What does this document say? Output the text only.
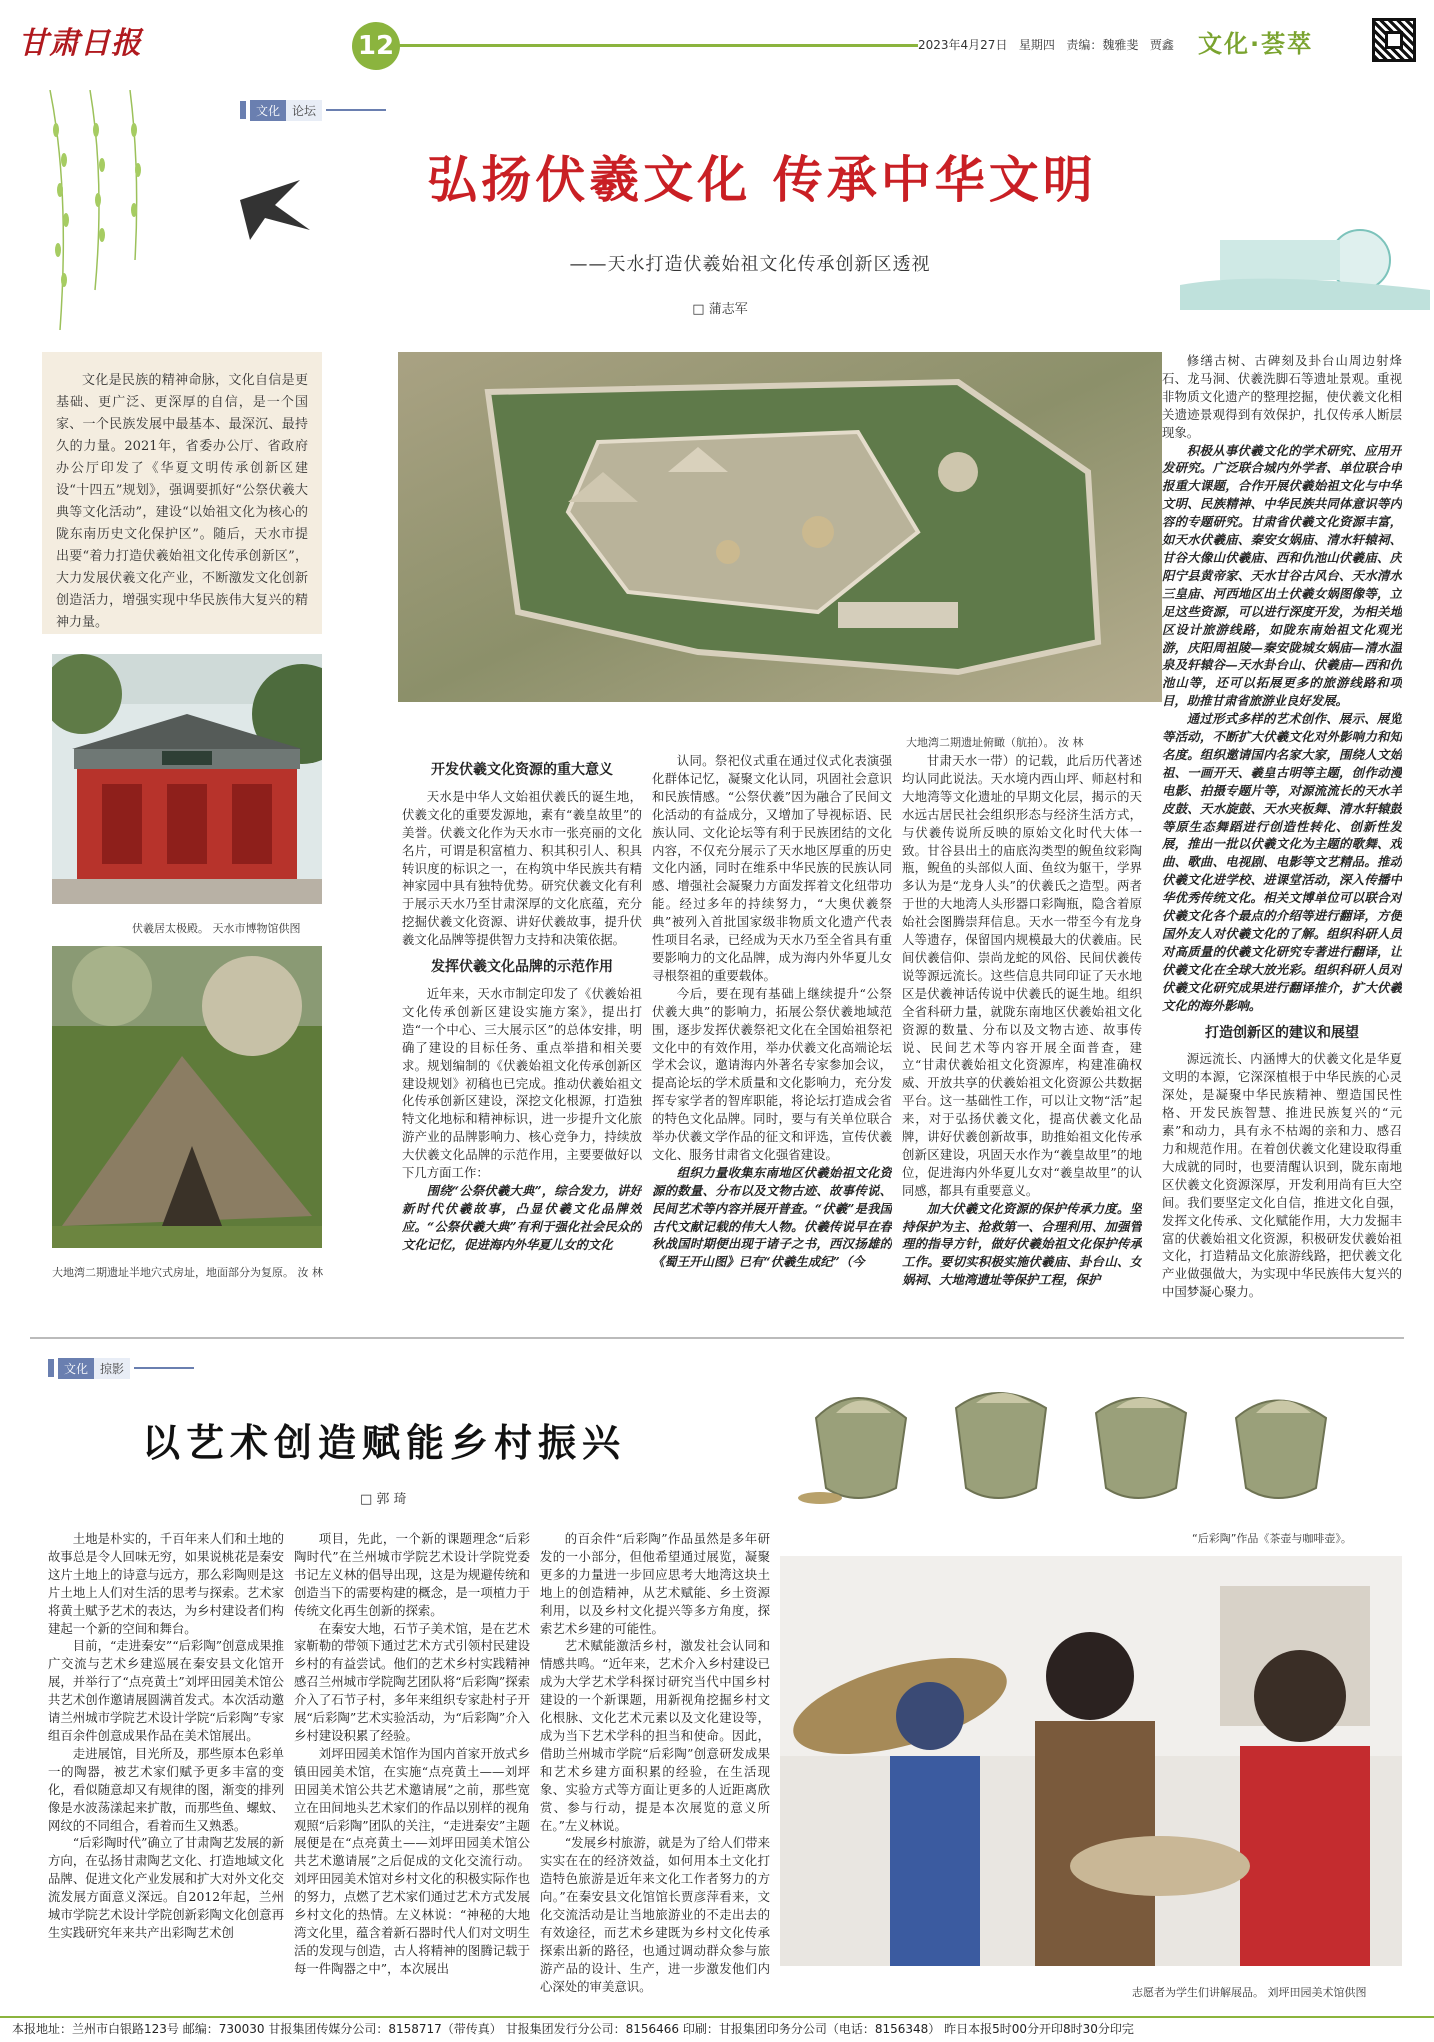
甘肃日报	12	2023年4月27日 星期四 责编：魏雅斐 贾鑫 文化·荟萃
文化	论坛
弘扬伏羲文化 传承中华文明
——天水打造伏羲始祖文化传承创新区透视
□ 蒲志军
文化是民族的精神命脉，文化自信是更基础、更广泛、更深厚的自信，是一个国家、一个民族发展中最基本、最深沉、最持久的力量。2021年，省委办公厅、省政府办公厅印发了《华夏文明传承创新区建设“十四五”规划》，强调要抓好“公祭伏羲大典等文化活动”，建设“以始祖文化为核心的陇东南历史文化保护区”。随后，天水市提出要“着力打造伏羲始祖文化传承创新区”，大力发展伏羲文化产业，不断激发文化创新创造活力，增强实现中华民族伟大复兴的精神力量。
大地湾二期遗址俯瞰（航拍）。 汝 林
伏羲居太极殿。 天水市博物馆供图
大地湾二期遗址半地穴式房址，地面部分为复原。 汝 林
开发伏羲文化资源的重大意义

天水是中华人文始祖伏羲氏的诞生地，伏羲文化的重要发源地，素有“羲皇故里”的美誉。伏羲文化作为天水市一张亮丽的文化名片，可谓是积富植力、积其积引人、积具转识度的标识之一，在构筑中华民族共有精神家园中具有独特优势。研究伏羲文化有利于展示天水乃至甘肃深厚的文化底蕴，充分挖掘伏羲文化资源、讲好伏羲故事，提升伏羲文化品牌等提供智力支持和决策依据。

发挥伏羲文化品牌的示范作用

近年来，天水市制定印发了《伏羲始祖文化传承创新区建设实施方案》，提出打造“一个中心、三大展示区”的总体安排，明确了建设的目标任务、重点举措和相关要求。规划编制的《伏羲始祖文化传承创新区建设规划》初稿也已完成。推动伏羲始祖文化传承创新区建设，深挖文化根源，打造独特文化地标和精神标识，进一步提升文化旅游产业的品牌影响力、核心竞争力，持续放大伏羲文化品牌的示范作用，主要要做好以下几方面工作：

围绕“公祭伏羲大典”，综合发力，讲好新时代伏羲故事，凸显伏羲文化品牌效应。“公祭伏羲大典”有利于强化社会民众的文化记忆，促进海内外华夏儿女的文化

认同。祭祀仪式重在通过仪式化表演强化群体记忆，凝聚文化认同，巩固社会意识和民族情感。“公祭伏羲”因为融合了民间文化活动的有益成分，又增加了导视标语、民族认同、文化论坛等有利于民族团结的文化内容，不仅充分展示了天水地区厚重的历史文化内涵，同时在维系中华民族的民族认同感、增强社会凝聚力方面发挥着文化纽带功能。经过多年的持续努力，“大奥伏羲祭典”被列入首批国家级非物质文化遗产代表性项目名录，已经成为天水乃至全省具有重要影响力的文化品牌，成为海内外华夏儿女寻根祭祖的重要载体。

今后，要在现有基础上继续提升“公祭伏羲大典”的影响力，拓展公祭伏羲地域范围，逐步发挥伏羲祭祀文化在全国始祖祭祀文化中的有效作用，举办伏羲文化高端论坛学术会议，邀请海内外著名专家参加会议，提高论坛的学术质量和文化影响力，充分发挥专家学者的智库职能，将论坛打造成会省的特色文化品牌。同时，要与有关单位联合举办伏羲文学作品的征文和评选，宣传伏羲文化、服务甘肃省文化强省建设。

组织力量收集东南地区伏羲始祖文化资源的数量、分布以及文物古迹、故事传说、民间艺术等内容并展开普查。“伏羲”是我国古代文献记载的伟大人物。伏羲传说早在春秋战国时期便出现于诸子之书，西汉扬雄的《蜀王开山图》已有“伏羲生成纪”（今

甘肃天水一带）的记载，此后历代著述均认同此说法。天水境内西山坪、师赵村和大地湾等文化遗址的早期文化层，揭示的天水远古居民社会组织形态与经济生活方式，与伏羲传说所反映的原始文化时代大体一致。甘谷县出土的庙底沟类型的鲵鱼纹彩陶瓶，鲵鱼的头部似人面、鱼纹为躯干，学界多认为是“龙身人头”的伏羲氏之造型。两者于世的大地湾人头形器口彩陶瓶，隐含着原始社会图腾崇拜信息。天水一带至今有龙身人等遗存，保留国内规模最大的伏羲庙。民间伏羲信仰、崇尚龙蛇的风俗、民间伏羲传说等源远流长。这些信息共同印证了天水地区是伏羲神话传说中伏羲氏的诞生地。组织全省科研力量，就陇东南地区伏羲始祖文化资源的数量、分布以及文物古迹、故事传说、民间艺术等内容开展全面普查，建立“甘肃伏羲始祖文化资源库，构建准确权威、开放共享的伏羲始祖文化资源公共数据平台。这一基础性工作，可以让文物“活”起来，对于弘扬伏羲文化，提高伏羲文化品牌，讲好伏羲创新故事，助推始祖文化传承创新区建设，巩固天水作为“羲皇故里”的地位，促进海内外华夏儿女对“羲皇故里”的认同感，都具有重要意义。

加大伏羲文化资源的保护传承力度。坚持保护为主、抢救第一、合理利用、加强管理的指导方针，做好伏羲始祖文化保护传承工作。要切实积极实施伏羲庙、卦台山、女娲祠、大地湾遗址等保护工程，保护

修缮古树、古碑刻及卦台山周边射烽石、龙马洞、伏羲洗脚石等遗址景观。重视非物质文化遗产的整理挖掘，使伏羲文化相关遗迹景观得到有效保护，扎仅传承人断层现象。

积极从事伏羲文化的学术研究、应用开发研究。广泛联合城内外学者、单位联合申报重大课题，合作开展伏羲始祖文化与中华文明、民族精神、中华民族共同体意识等内容的专题研究。甘肃省伏羲文化资源丰富，如天水伏羲庙、秦安女娲庙、清水轩辕祠、甘谷大像山伏羲庙、西和仇池山伏羲庙、庆阳宁县黄帝家、天水甘谷古风台、天水清水三皇庙、河西地区出土伏羲女娲图像等，立足这些资源，可以进行深度开发，为相关地区设计旅游线路，如陇东南始祖文化观光游，庆阳周祖陵—秦安陇城女娲庙—清水温泉及轩辕谷—天水卦台山、伏羲庙—西和仇池山等，还可以拓展更多的旅游线路和项目，助推甘肃省旅游业良好发展。

通过形式多样的艺术创作、展示、展览等活动，不断扩大伏羲文化对外影响力和知名度。组织邀请国内名家大家，围绕人文始祖、一画开天、羲皇古明等主题，创作动漫电影、拍摄专题片等，对源流流长的天水羊皮鼓、天水旋鼓、天水夹板舞、清水轩辕鼓等原生态舞蹈进行创造性转化、创新性发展，推出一批以伏羲文化为主题的歌舞、戏曲、歌曲、电视剧、电影等文艺精品。推动伏羲文化进学校、进课堂活动，深入传播中华优秀传统文化。相关文博单位可以联合对伏羲文化各个最点的介绍等进行翻译，方便国外友人对伏羲文化的了解。组织科研人员对高质量的伏羲文化研究专著进行翻译，让伏羲文化在全球大放光彩。组织科研人员对伏羲文化研究成果进行翻译推介，扩大伏羲文化的海外影响。

打造创新区的建议和展望

源远流长、内涵博大的伏羲文化是华夏文明的本源，它深深植根于中华民族的心灵深处，是凝聚中华民族精神、塑造国民性格、开发民族智慧、推进民族复兴的“元素”和动力，具有永不枯竭的亲和力、感召力和规范作用。在着创伏羲文化建设取得重大成就的同时，也要清醒认识到，陇东南地区伏羲文化资源深厚，开发利用尚有巨大空间。我们要坚定文化自信，推进文化自强，发挥文化传承、文化赋能作用，大力发掘丰富的伏羲始祖文化资源，积极研发伏羲始祖文化，打造精品文化旅游线路，把伏羲文化产业做强做大，为实现中华民族伟大复兴的中国梦凝心聚力。

文化	掠影
以艺术创造赋能乡村振兴
□ 郭 琦
“后彩陶”作品《茶壶与咖啡壶》。
志愿者为学生们讲解展品。 刘坪田园美术馆供图

土地是朴实的，千百年来人们和土地的故事总是令人回味无穷，如果说桃花是秦安这片土地上的诗意与远方，那么彩陶则是这片土地上人们对生活的思考与探索。艺术家将黄土赋予艺术的表达，为乡村建设者们构建起一个新的空间和舞台。

目前，“走进秦安”“后彩陶”创意成果推广交流与艺术乡建巡展在秦安县文化馆开展，并举行了“点亮黄土”刘坪田园美术馆公共艺术创作邀请展圆满首发式。本次活动邀请兰州城市学院艺术设计学院“后彩陶”专家组百余件创意成果作品在美术馆展出。

走进展馆，目光所及，那些原本色彩单一的陶器，被艺术家们赋予更多丰富的变化，看似随意却又有规律的图，渐变的排列像是水波荡漾起来扩散，而那些鱼、螺蚊、网纹的不同组合，看着而生又熟悉。

“后彩陶时代”确立了甘肃陶艺发展的新方向，在弘扬甘肃陶艺文化、打造地域文化品牌、促进文化产业发展和扩大对外文化交流发展方面意义深远。自2012年起，兰州城市学院艺术设计学院创新彩陶文化创意再生实践研究年来共产出彩陶艺术创

项目，先此，一个新的课题理念“后彩陶时代”在兰州城市学院艺术设计学院党委书记左义林的倡导出现，这是为规避传统和创造当下的需要构建的概念，是一项植力于传统文化再生创新的探索。

在秦安大地，石节子美术馆，是在艺术家靳勒的带领下通过艺术方式引领村民建设乡村的有益尝试。他们的艺术乡村实践精神感召兰州城市学院陶艺团队将“后彩陶”探索介入了石节子村，多年来组织专家赴村子开展“后彩陶”艺术实验活动，为“后彩陶”介入乡村建设积累了经验。

刘坪田园美术馆作为国内首家开放式乡镇田园美术馆，在实施“点亮黄土——刘坪田园美术馆公共艺术邀请展”之前，那些宽立在田间地头艺术家们的作品以别样的视角观照“后彩陶”团队的关注，“走进秦安”主题展便是在“点亮黄土——刘坪田园美术馆公共艺术邀请展”之后促成的文化交流行动。刘坪田园美术馆对乡村文化的积极实际作也的努力，点燃了艺术家们通过艺术方式发展乡村文化的热情。左义林说：“神秘的大地湾文化里，蕴含着新石器时代人们对文明生活的发现与创造，古人将精神的图腾记载于每一件陶器之中”，本次展出

的百余件“后彩陶”作品虽然是多年研发的一小部分，但他希望通过展览，凝聚更多的力量进一步回应思考大地湾这块土地上的创造精神，从艺术赋能、乡土资源利用，以及乡村文化提兴等多方角度，探索艺术乡建的可能性。

艺术赋能激活乡村，激发社会认同和情感共鸣。“近年来，艺术介入乡村建设已成为大学艺术学科探讨研究当代中国乡村建设的一个新课题，用新视角挖掘乡村文化根脉、文化艺术元素以及文化建设等，成为当下艺术学科的担当和使命。因此，借助兰州城市学院“后彩陶”创意研发成果和艺术乡建方面积累的经验，在生活现象、实验方式等方面让更多的人近距离欣赏、参与行动，提是本次展览的意义所在。”左义林说。

“发展乡村旅游，就是为了给人们带来实实在在的经济效益，如何用本土文化打造特色旅游是近年来文化工作者努力的方向。”在秦安县文化馆馆长贾彦萍看来，文化交流活动是让当地旅游业的不走出去的有效途径，而艺术乡建既为乡村文化传承探索出新的路径，也通过调动群众参与旅游产品的设计、生产，进一步激发他们内心深处的审美意识。

本报地址：兰州市白银路123号 邮编：730030 甘报集团传媒分公司：8158717（带传真） 甘报集团发行分公司：8156466 印刷：甘报集团印务分公司（电话：8156348） 昨日本报5时00分开印8时30分印完
